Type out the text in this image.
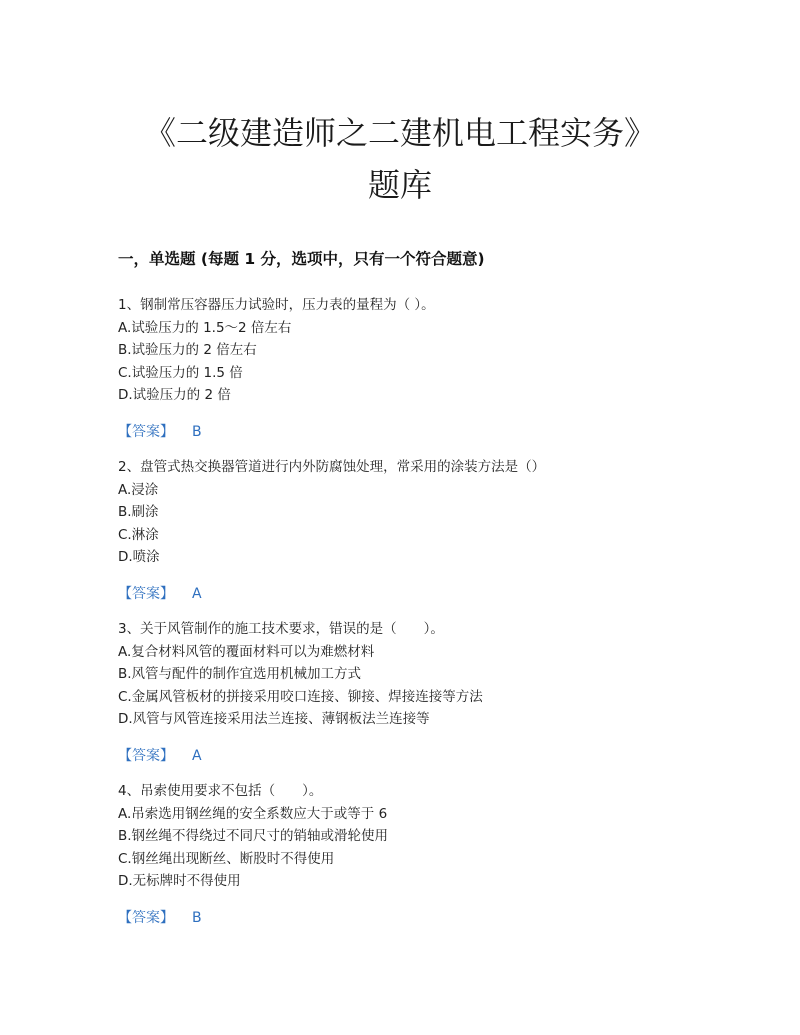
《二级建造师之二建机电工程实务》
题库
一，单选题 (每题 1 分，选项中，只有一个符合题意)
1、钢制常压容器压力试验时，压力表的量程为（ ）。
A.试验压力的 1.5～2 倍左右
B.试验压力的 2 倍左右
C.试验压力的 1.5 倍
D.试验压力的 2 倍
【答案】 B
2、盘管式热交换器管道进行内外防腐蚀处理，常采用的涂装方法是（）
A.浸涂
B.刷涂
C.淋涂
D.喷涂
【答案】 A
3、关于风管制作的施工技术要求，错误的是（　　）。
A.复合材料风管的覆面材料可以为难燃材料
B.风管与配件的制作宜选用机械加工方式
C.金属风管板材的拼接采用咬口连接、铆接、焊接连接等方法
D.风管与风管连接采用法兰连接、薄钢板法兰连接等
【答案】 A
4、吊索使用要求不包括（　　）。
A.吊索选用钢丝绳的安全系数应大于或等于 6
B.钢丝绳不得绕过不同尺寸的销轴或滑轮使用
C.钢丝绳出现断丝、断股时不得使用
D.无标牌时不得使用
【答案】 B
